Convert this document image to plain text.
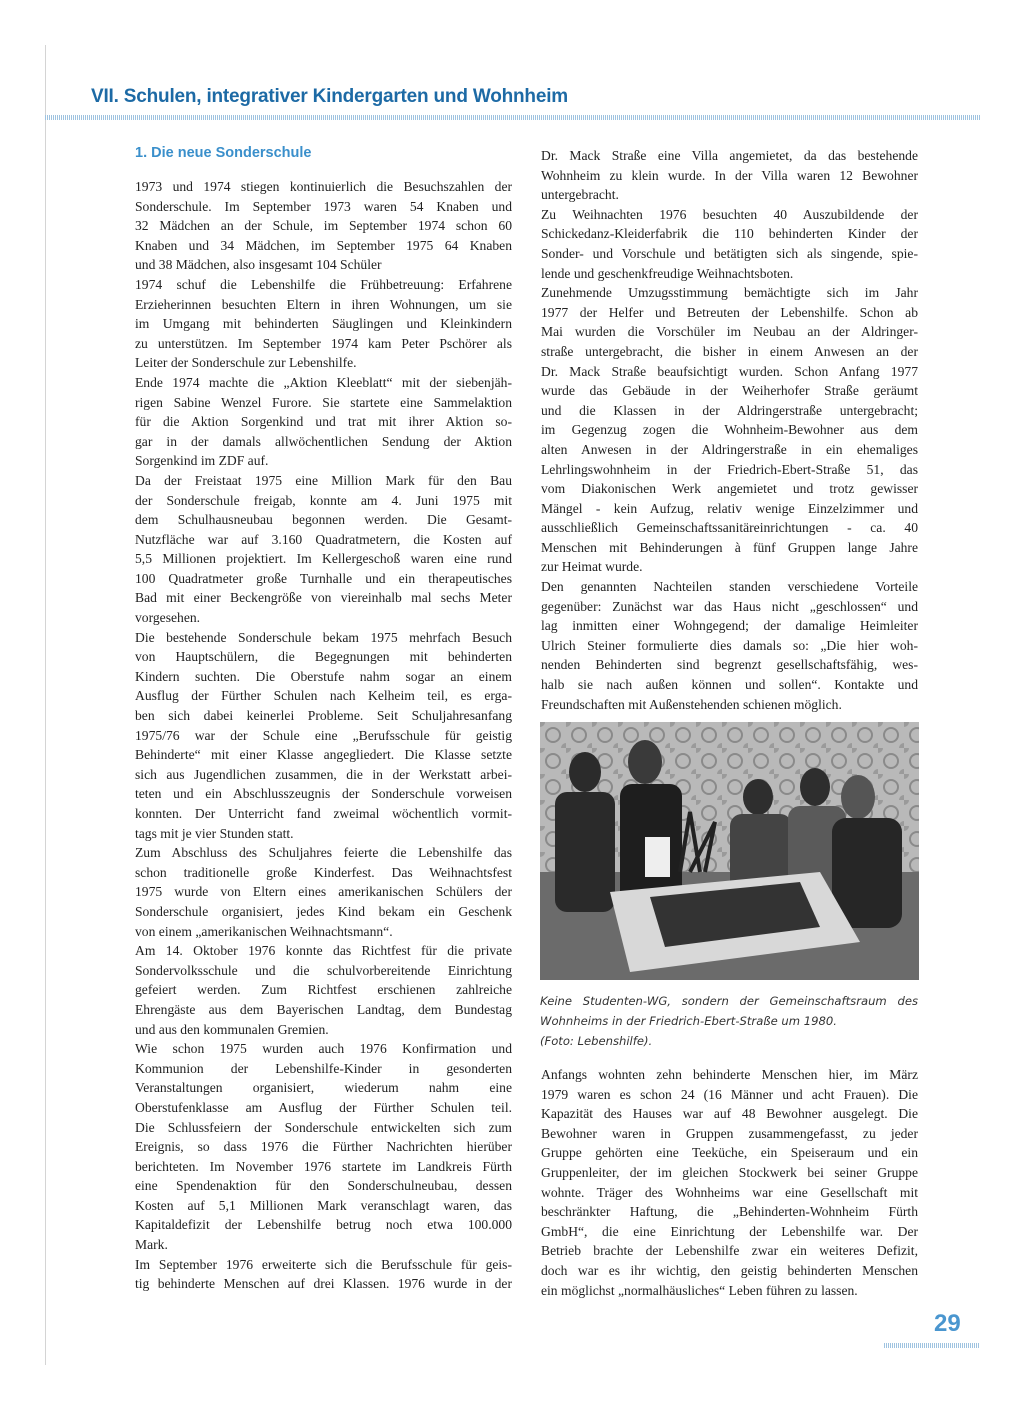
VII. Schulen, integrativer Kindergarten und Wohnheim
1. Die neue Sonderschule
1973 und 1974 stiegen kontinuierlich die Besuchszahlen der
Sonderschule. Im September 1973 waren 54 Knaben und
32 Mädchen an der Schule, im September 1974 schon 60
Knaben und 34 Mädchen, im September 1975 64 Knaben
und 38 Mädchen, also insgesamt 104 Schüler
1974 schuf die Lebenshilfe die Frühbetreuung: Erfahrene
Erzieherinnen besuchten Eltern in ihren Wohnungen, um sie
im Umgang mit behinderten Säuglingen und Kleinkindern
zu unterstützen. Im September 1974 kam Peter Pschörer als
Leiter der Sonderschule zur Lebenshilfe.
Ende 1974 machte die „Aktion Kleeblatt“ mit der siebenjäh-
rigen Sabine Wenzel Furore. Sie startete eine Sammelaktion
für die Aktion Sorgenkind und trat mit ihrer Aktion so-
gar in der damals allwöchentlichen Sendung der Aktion
Sorgenkind im ZDF auf.
Da der Freistaat 1975 eine Million Mark für den Bau
der Sonderschule freigab, konnte am 4. Juni 1975 mit
dem Schulhausneubau begonnen werden. Die Gesamt-
Nutzfläche war auf 3.160 Quadratmetern, die Kosten auf
5,5 Millionen projektiert. Im Kellergeschoß waren eine rund
100 Quadratmeter große Turnhalle und ein therapeutisches
Bad mit einer Beckengröße von viereinhalb mal sechs Meter
vorgesehen.
Die bestehende Sonderschule bekam 1975 mehrfach Besuch
von Hauptschülern, die Begegnungen mit behinderten
Kindern suchten. Die Oberstufe nahm sogar an einem
Ausflug der Fürther Schulen nach Kelheim teil, es erga-
ben sich dabei keinerlei Probleme. Seit Schuljahresanfang
1975/76 war der Schule eine „Berufsschule für geistig
Behinderte“ mit einer Klasse angegliedert. Die Klasse setzte
sich aus Jugendlichen zusammen, die in der Werkstatt arbei-
teten und ein Abschlusszeugnis der Sonderschule vorweisen
konnten. Der Unterricht fand zweimal wöchentlich vormit-
tags mit je vier Stunden statt.
Zum Abschluss des Schuljahres feierte die Lebenshilfe das
schon traditionelle große Kinderfest. Das Weihnachtsfest
1975 wurde von Eltern eines amerikanischen Schülers der
Sonderschule organisiert, jedes Kind bekam ein Geschenk
von einem „amerikanischen Weihnachtsmann“.
Am 14. Oktober 1976 konnte das Richtfest für die private
Sondervolksschule und die schulvorbereitende Einrichtung
gefeiert werden. Zum Richtfest erschienen zahlreiche
Ehrengäste aus dem Bayerischen Landtag, dem Bundestag
und aus den kommunalen Gremien.
Wie schon 1975 wurden auch 1976 Konfirmation und
Kommunion der Lebenshilfe-Kinder in gesonderten
Veranstaltungen organisiert, wiederum nahm eine
Oberstufenklasse am Ausflug der Fürther Schulen teil.
Die Schlussfeiern der Sonderschule entwickelten sich zum
Ereignis, so dass 1976 die Fürther Nachrichten hierüber
berichteten. Im November 1976 startete im Landkreis Fürth
eine Spendenaktion für den Sonderschulneubau, dessen
Kosten auf 5,1 Millionen Mark veranschlagt waren, das
Kapitaldefizit der Lebenshilfe betrug noch etwa 100.000
Mark.
Im September 1976 erweiterte sich die Berufsschule für geis-
tig behinderte Menschen auf drei Klassen. 1976 wurde in der
Dr. Mack Straße eine Villa angemietet, da das bestehende
Wohnheim zu klein wurde. In der Villa waren 12 Bewohner
untergebracht.
Zu Weihnachten 1976 besuchten 40 Auszubildende der
Schickedanz-Kleiderfabrik die 110 behinderten Kinder der
Sonder- und Vorschule und betätigten sich als singende, spie-
lende und geschenkfreudige Weihnachtsboten.
Zunehmende Umzugsstimmung bemächtigte sich im Jahr
1977 der Helfer und Betreuten der Lebenshilfe. Schon ab
Mai wurden die Vorschüler im Neubau an der Aldringer-
straße untergebracht, die bisher in einem Anwesen an der
Dr. Mack Straße beaufsichtigt wurden. Schon Anfang 1977
wurde das Gebäude in der Weiherhofer Straße geräumt
und die Klassen in der Aldringerstraße untergebracht;
im Gegenzug zogen die Wohnheim-Bewohner aus dem
alten Anwesen in der Aldringerstraße in ein ehemaliges
Lehrlingswohnheim in der Friedrich-Ebert-Straße 51, das
vom Diakonischen Werk angemietet und trotz gewisser
Mängel - kein Aufzug, relativ wenige Einzelzimmer und
ausschließlich Gemeinschaftssanitäreinrichtungen - ca. 40
Menschen mit Behinderungen à fünf Gruppen lange Jahre
zur Heimat wurde.
Den genannten Nachteilen standen verschiedene Vorteile
gegenüber: Zunächst war das Haus nicht „geschlossen“ und
lag inmitten einer Wohngegend; der damalige Heimleiter
Ulrich Steiner formulierte dies damals so: „Die hier woh-
nenden Behinderten sind begrenzt gesellschaftsfähig, wes-
halb sie nach außen können und sollen“. Kontakte und
Freundschaften mit Außenstehenden schienen möglich.
Keine Studenten-WG, sondern der Gemeinschaftsraum des
Wohnheims in der Friedrich-Ebert-Straße um 1980.
(Foto: Lebenshilfe).
Anfangs wohnten zehn behinderte Menschen hier, im März
1979 waren es schon 24 (16 Männer und acht Frauen). Die
Kapazität des Hauses war auf 48 Bewohner ausgelegt. Die
Bewohner waren in Gruppen zusammengefasst, zu jeder
Gruppe gehörten eine Teeküche, ein Speiseraum und ein
Gruppenleiter, der im gleichen Stockwerk bei seiner Gruppe
wohnte. Träger des Wohnheims war eine Gesellschaft mit
beschränkter Haftung, die „Behinderten-Wohnheim Fürth
GmbH“, die eine Einrichtung der Lebenshilfe war. Der
Betrieb brachte der Lebenshilfe zwar ein weiteres Defizit,
doch war es ihr wichtig, den geistig behinderten Menschen
ein möglichst „normalhäusliches“ Leben führen zu lassen.
29
